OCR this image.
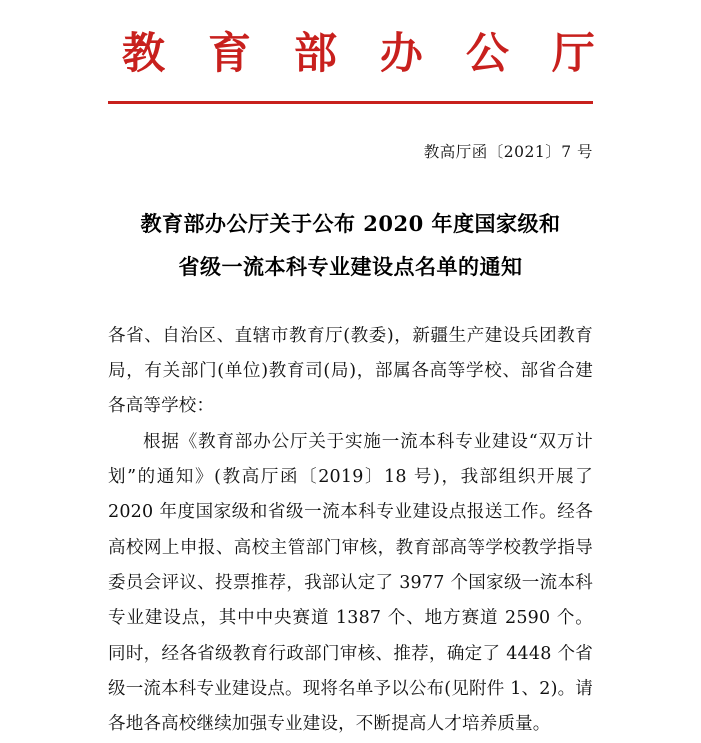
教 育 部 办 公 厅
教高厅函〔2021〕7 号
教育部办公厅关于公布 2020 年度国家级和
省级一流本科专业建设点名单的通知

各省、自治区、直辖市教育厅(教委)，新疆生产建设兵团教育局，有关部门(单位)教育司(局)，部属各高等学校、部省合建各高等学校：

根据《教育部办公厅关于实施一流本科专业建设“双万计划”的通知》(教高厅函〔2019〕18 号)，我部组织开展了 2020 年度国家级和省级一流本科专业建设点报送工作。经各高校网上申报、高校主管部门审核，教育部高等学校教学指导委员会评议、投票推荐，我部认定了 3977 个国家级一流本科专业建设点，其中中央赛道 1387 个、地方赛道 2590 个。同时，经各省级教育行政部门审核、推荐，确定了 4448 个省级一流本科专业建设点。现将名单予以公布(见附件 1、2)。请各地各高校继续加强专业建设，不断提高人才培养质量。
